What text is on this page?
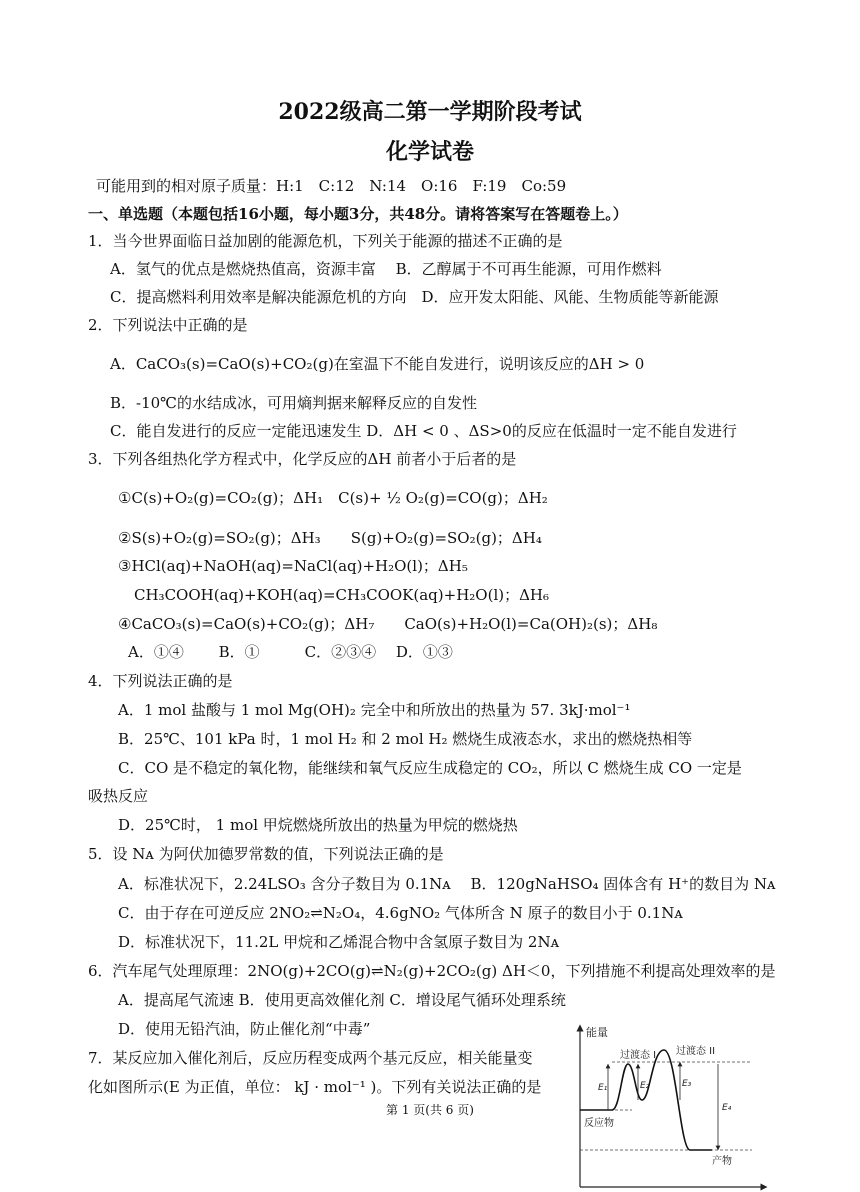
2022级高二第一学期阶段考试
化学试卷
可能用到的相对原子质量：H:1　C:12　N:14　O:16　F:19　Co:59
一、单选题（本题包括16小题，每小题3分，共48分。请将答案写在答题卷上。）
1．当今世界面临日益加剧的能源危机，下列关于能源的描述不正确的是
A．氢气的优点是燃烧热值高，资源丰富　 B．乙醇属于不可再生能源，可用作燃料
C．提高燃料利用效率是解决能源危机的方向　D．应开发太阳能、风能、生物质能等新能源
2．下列说法中正确的是
A．CaCO₃(s)=CaO(s)+CO₂(g)在室温下不能自发进行，说明该反应的ΔH > 0
B．-10℃的水结成冰，可用熵判据来解释反应的自发性
C．能自发进行的反应一定能迅速发生 D．ΔH < 0 、ΔS>0的反应在低温时一定不能自发进行
3．下列各组热化学方程式中，化学反应的ΔH 前者小于后者的是
①C(s)+O₂(g)=CO₂(g)；ΔH₁　C(s)+ ½ O₂(g)=CO(g)；ΔH₂
②S(s)+O₂(g)=SO₂(g)；ΔH₃　　S(g)+O₂(g)=SO₂(g)；ΔH₄
③HCl(aq)+NaOH(aq)=NaCl(aq)+H₂O(l)；ΔH₅
CH₃COOH(aq)+KOH(aq)=CH₃COOK(aq)+H₂O(l)；ΔH₆
④CaCO₃(s)=CaO(s)+CO₂(g)；ΔH₇　　CaO(s)+H₂O(l)=Ca(OH)₂(s)；ΔH₈
A．①④　　 B．①　　　C．②③④　 D．①③
4．下列说法正确的是
A．1 mol 盐酸与 1 mol Mg(OH)₂ 完全中和所放出的热量为 57. 3kJ·mol⁻¹
B．25℃、101 kPa 时，1 mol H₂ 和 2 mol H₂ 燃烧生成液态水，求出的燃烧热相等
C．CO 是不稳定的氧化物，能继续和氧气反应生成稳定的 CO₂，所以 C 燃烧生成 CO 一定是
吸热反应
D．25℃时， 1 mol 甲烷燃烧所放出的热量为甲烷的燃烧热
5．设 Nᴀ 为阿伏加德罗常数的值，下列说法正确的是
A．标准状况下，2.24LSO₃ 含分子数目为 0.1Nᴀ　 B．120gNaHSO₄ 固体含有 H⁺的数目为 Nᴀ
C．由于存在可逆反应 2NO₂⇌N₂O₄，4.6gNO₂ 气体所含 N 原子的数目小于 0.1Nᴀ
D．标准状况下，11.2L 甲烷和乙烯混合物中含氢原子数目为 2Nᴀ
6．汽车尾气处理原理：2NO(g)+2CO(g)⇌N₂(g)+2CO₂(g) ΔH＜0，下列措施不利提高处理效率的是
A．提高尾气流速 B．使用更高效催化剂 C．增设尾气循环处理系统
D．使用无铅汽油，防止催化剂“中毒”
7．某反应加入催化剂后，反应历程变成两个基元反应，相关能量变
化如图所示(E 为正值，单位： kJ · mol⁻¹ )。下列有关说法正确的是
能量
过渡态 I 过渡态 II
反应物
产物
E₁	E₂	E₃
E₄
第 1 页(共 6 页)
